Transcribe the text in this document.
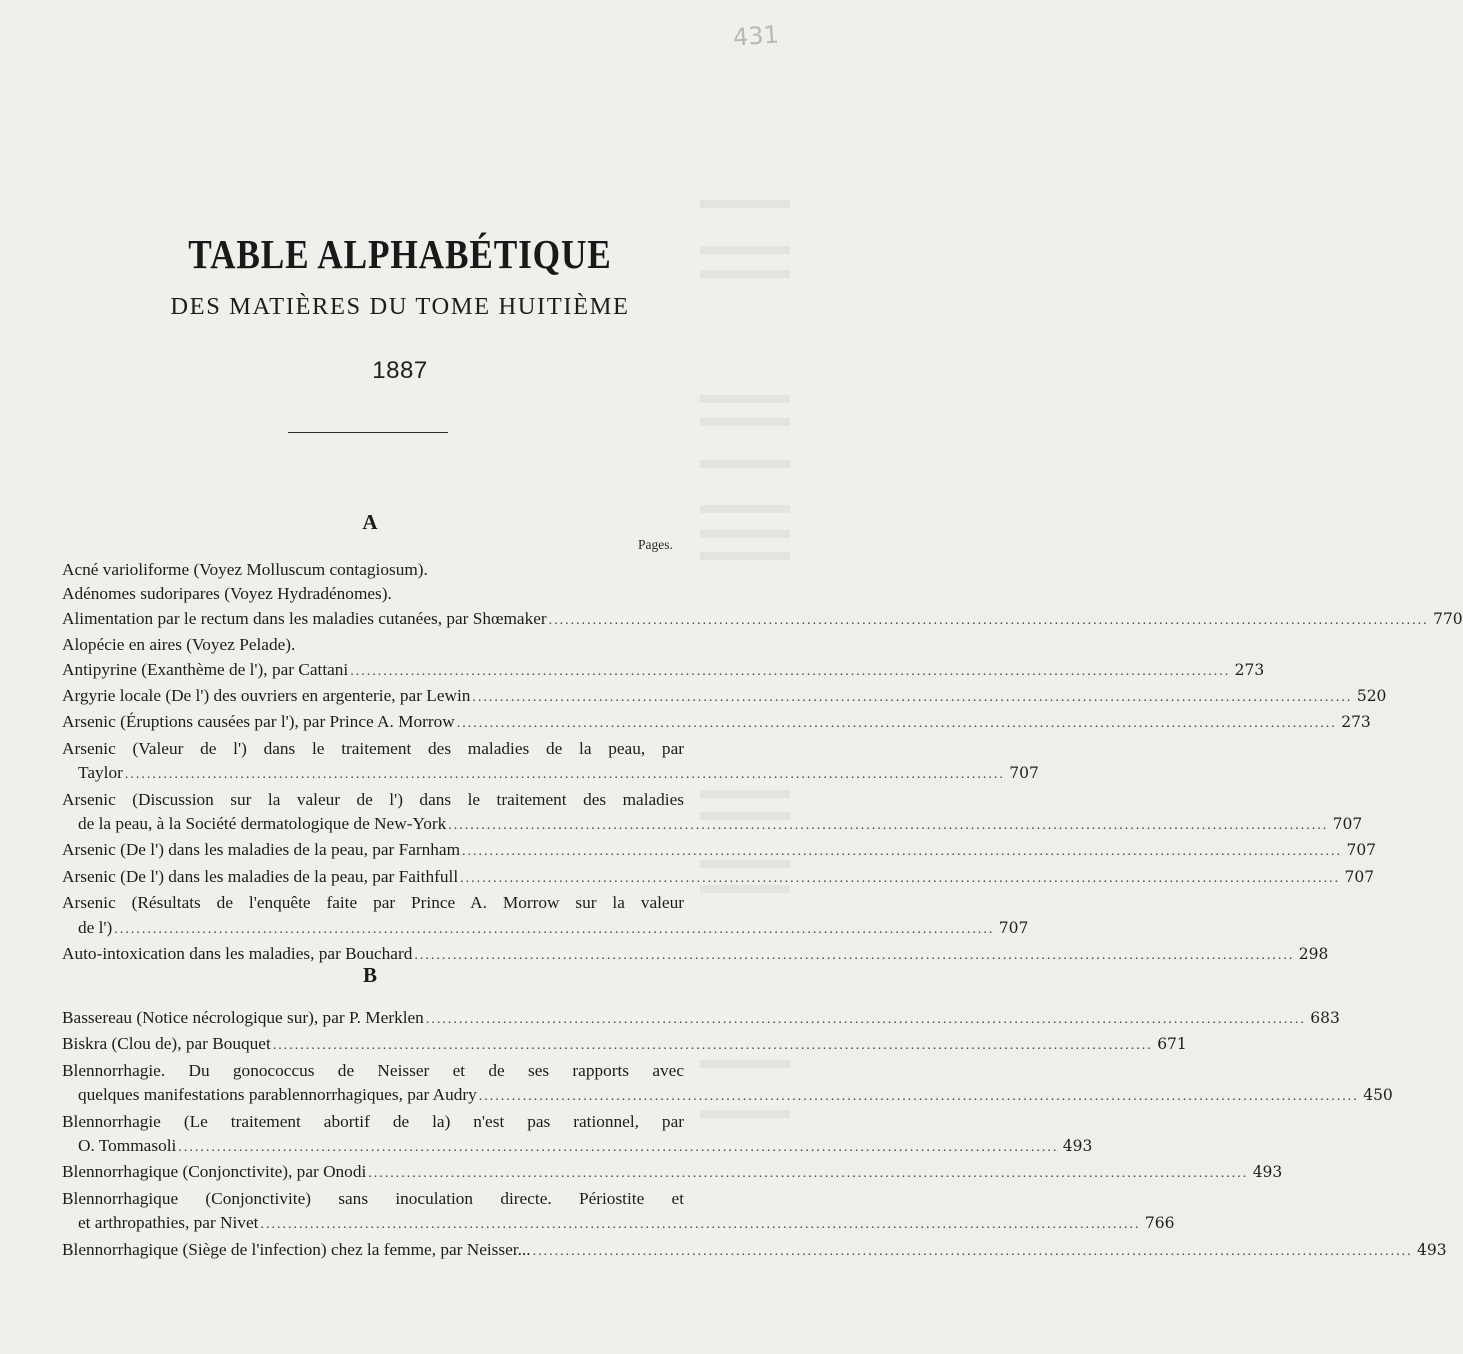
431
TABLE ALPHABÉTIQUE
DES MATIÈRES DU TOME HUITIÈME
1887
A
Pages.
Acné varioliforme (Voyez Molluscum contagiosum).
Adénomes sudoripares (Voyez Hydradénomes).
Alimentation par le rectum dans les maladies cutanées, par Shœmaker ................................................................................................................................................................ 770
Alopécie en aires (Voyez Pelade).
Antipyrine (Exanthème de l'), par Cattani ................................................................................................................................................................ 273
Argyrie locale (De l') des ouvriers en argenterie, par Lewin ................................................................................................................................................................ 520
Arsenic (Éruptions causées par l'), par Prince A. Morrow ................................................................................................................................................................ 273
Arsenic (Valeur de l') dans le traitement des maladies de la peau, par
Taylor ................................................................................................................................................................ 707
Arsenic (Discussion sur la valeur de l') dans le traitement des maladies
de la peau, à la Société dermatologique de New-York ................................................................................................................................................................ 707
Arsenic (De l') dans les maladies de la peau, par Farnham ................................................................................................................................................................ 707
Arsenic (De l') dans les maladies de la peau, par Faithfull ................................................................................................................................................................ 707
Arsenic (Résultats de l'enquête faite par Prince A. Morrow sur la valeur
de l') ................................................................................................................................................................ 707
Auto-intoxication dans les maladies, par Bouchard ................................................................................................................................................................ 298
B
Bassereau (Notice nécrologique sur), par P. Merklen ................................................................................................................................................................ 683
Biskra (Clou de), par Bouquet ................................................................................................................................................................ 671
Blennorrhagie. Du gonococcus de Neisser et de ses rapports avec
quelques manifestations parablennorrhagiques, par Audry ................................................................................................................................................................ 450
Blennorrhagie (Le traitement abortif de la) n'est pas rationnel, par
O. Tommasoli ................................................................................................................................................................ 493
Blennorrhagique (Conjonctivite), par Onodi ................................................................................................................................................................ 493
Blennorrhagique (Conjonctivite) sans inoculation directe. Périostite et
et arthropathies, par Nivet ................................................................................................................................................................ 766
Blennorrhagique (Siège de l'infection) chez la femme, par Neisser... ................................................................................................................................................................ 493
